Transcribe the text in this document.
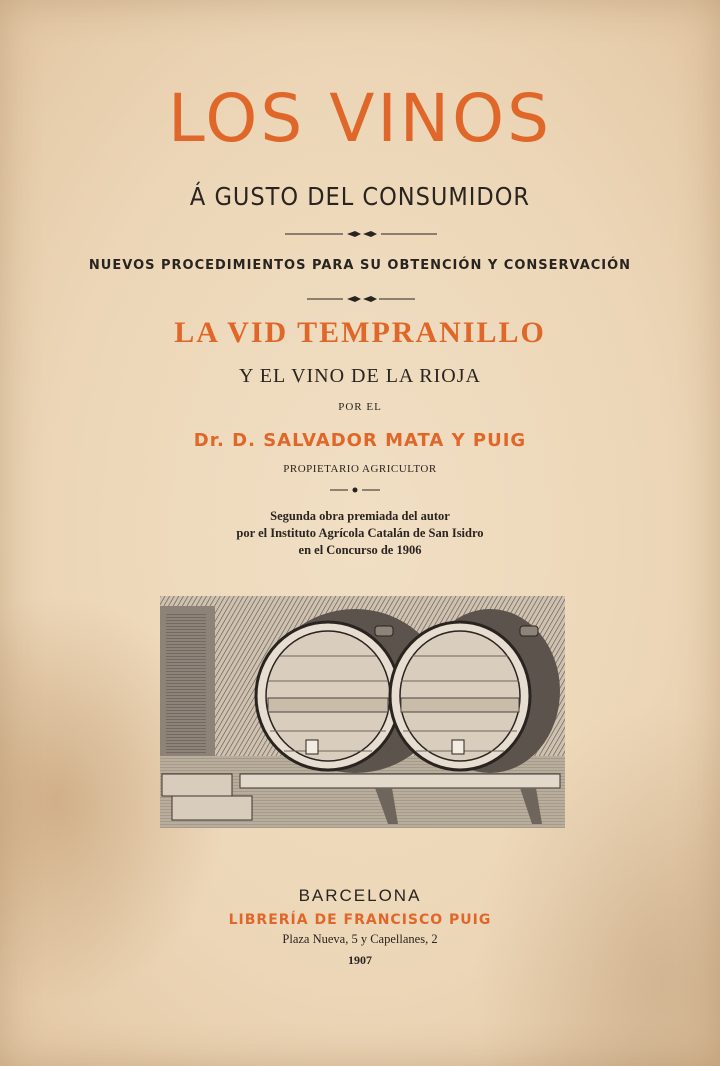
LOS VINOS
Á GUSTO DEL CONSUMIDOR
NUEVOS PROCEDIMIENTOS PARA SU OBTENCIÓN Y CONSERVACIÓN
LA VID TEMPRANILLO
Y EL VINO DE LA RIOJA
POR EL
Dr. D. SALVADOR MATA Y PUIG
PROPIETARIO AGRICULTOR
Segunda obra premiada del autor
por el Instituto Agrícola Catalán de San Isidro
en el Concurso de 1906
BARCELONA
LIBRERÍA DE FRANCISCO PUIG
Plaza Nueva, 5 y Capellanes, 2
1907
